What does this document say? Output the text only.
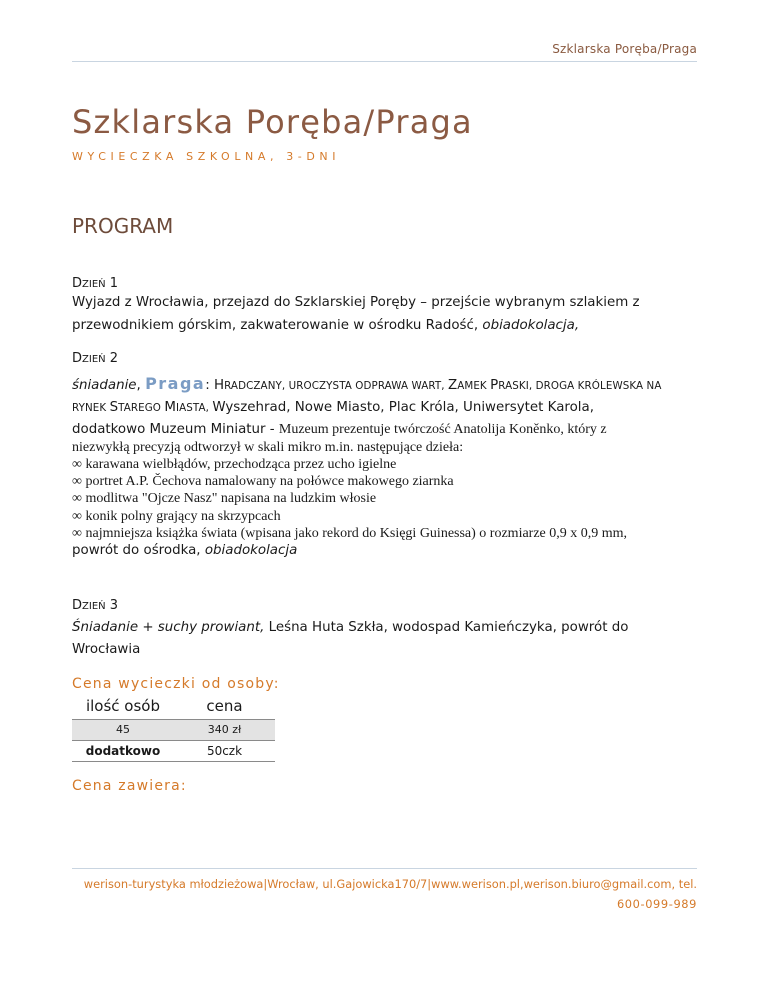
Szklarska Poręba/Praga
Szklarska Poręba/Praga
WYCIECZKA SZKOLNA, 3-DNI
PROGRAM
DZIEŃ 1
Wyjazd z Wrocławia, przejazd do Szklarskiej Poręby – przejście wybranym szlakiem z
przewodnikiem górskim, zakwaterowanie w ośrodku Radość, obiadokolacja,
DZIEŃ 2
śniadanie, Praga: HRADCZANY, UROCZYSTA ODPRAWA WART, ZAMEK PRASKI, DROGA KRÓLEWSKA NA
RYNEK STAREGO MIASTA, Wyszehrad, Nowe Miasto, Plac Króla, Uniwersytet Karola,
dodatkowo Muzeum Miniatur - Muzeum prezentuje twórczość Anatolija Koněnko, który z
niezwykłą precyzją odtworzył w skali mikro m.in. następujące dzieła:
∞ karawana wielbłądów, przechodząca przez ucho igielne
∞ portret A.P. Čechova namalowany na połówce makowego ziarnka
∞ modlitwa "Ojcze Nasz" napisana na ludzkim włosie
∞ konik polny grający na skrzypcach
∞ najmniejsza książka świata (wpisana jako rekord do Księgi Guinessa) o rozmiarze 0,9 x 0,9 mm,
powrót do ośrodka, obiadokolacja
DZIEŃ 3
Śniadanie + suchy prowiant, Leśna Huta Szkła, wodospad Kamieńczyka, powrót do
Wrocławia
Cena wycieczki od osoby:
ilość osób	cena
45	340 zł
dodatkowo	50czk
Cena zawiera:
werison-turystyka młodzieżowa|Wrocław, ul.Gajowicka170/7|www.werison.pl,werison.biuro@gmail.com, tel.
600-099-989
